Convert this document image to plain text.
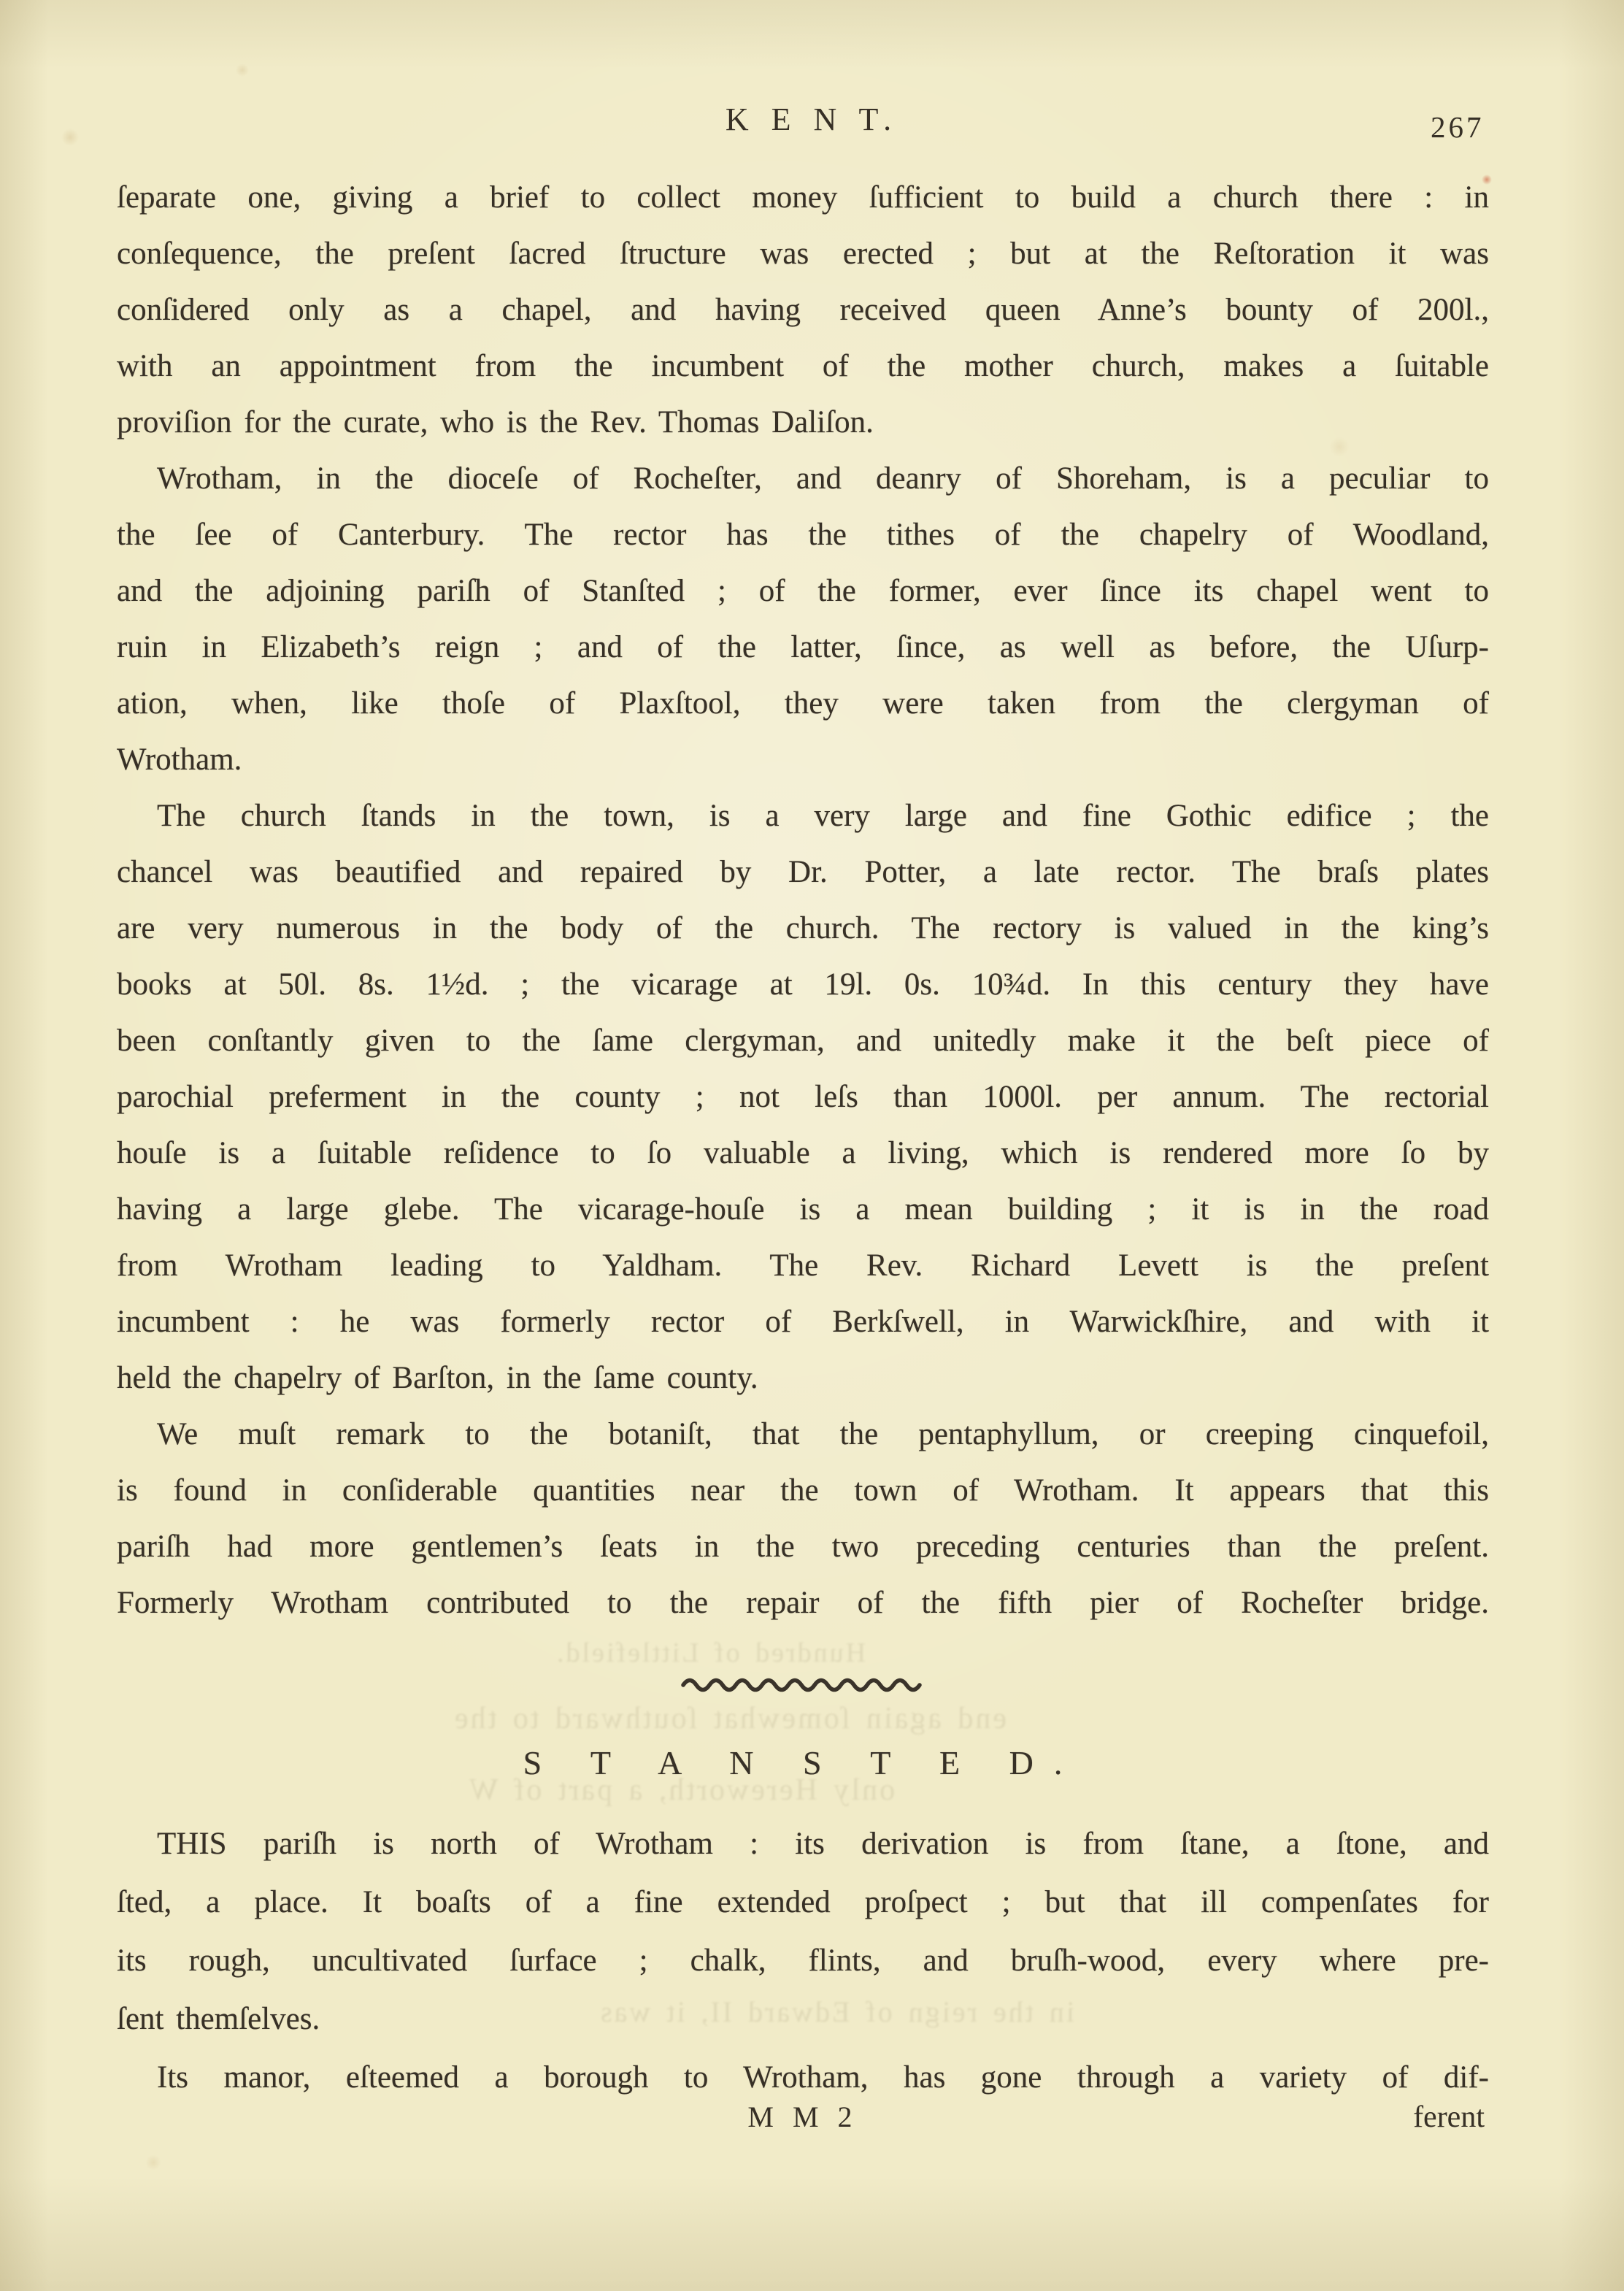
K E N T.	267
ſeparate one, giving a brief to collect money ſufficient to build a church there : in
conſequence, the preſent ſacred ſtructure was erected ; but at the Reſtoration it was
conſidered only as a chapel, and having received queen Anne’s bounty of 200l.,
with an appointment from the incumbent of the mother church, makes a ſuitable
proviſion for the curate, who is the Rev. Thomas Daliſon.
Wrotham, in the dioceſe of Rocheſter, and deanry of Shoreham, is a peculiar to
the ſee of Canterbury. The rector has the tithes of the chapelry of Woodland,
and the adjoining pariſh of Stanſted ; of the former, ever ſince its chapel went to
ruin in Elizabeth’s reign ; and of the latter, ſince, as well as before, the Uſurp-
ation, when, like thoſe of Plaxſtool, they were taken from the clergyman of
Wrotham.
The church ſtands in the town, is a very large and fine Gothic edifice ; the
chancel was beautified and repaired by Dr. Potter, a late rector. The braſs plates
are very numerous in the body of the church. The rectory is valued in the king’s
books at 50l. 8s. 1½d. ; the vicarage at 19l. 0s. 10¾d. In this century they have
been conſtantly given to the ſame clergyman, and unitedly make it the beſt piece of
parochial preferment in the county ; not leſs than 1000l. per annum. The rectorial
houſe is a ſuitable reſidence to ſo valuable a living, which is rendered more ſo by
having a large glebe. The vicarage-houſe is a mean building ; it is in the road
from Wrotham leading to Yaldham. The Rev. Richard Levett is the preſent
incumbent : he was formerly rector of Berkſwell, in Warwickſhire, and with it
held the chapelry of Barſton, in the ſame county.
We muſt remark to the botaniſt, that the pentaphyllum, or creeping cinquefoil,
is found in conſiderable quantities near the town of Wrotham. It appears that this
pariſh had more gentlemen’s ſeats in the two preceding centuries than the preſent.
Formerly Wrotham contributed to the repair of the fifth pier of Rocheſter bridge.
S T A N S T E D.
THIS pariſh is north of Wrotham : its derivation is from ſtane, a ſtone, and
ſted, a place. It boaſts of a fine extended proſpect ; but that ill compenſates for
its rough, uncultivated ſurface ; chalk, flints, and bruſh-wood, every where pre-
ſent themſelves.
Its manor, eſteemed a borough to Wrotham, has gone through a variety of dif-
M M 2	ferent
Hundred of Littlefield.
end again ſomewhat ſouthward to the
only Hereworth, a part of W
in the reign of Edward II, it was
